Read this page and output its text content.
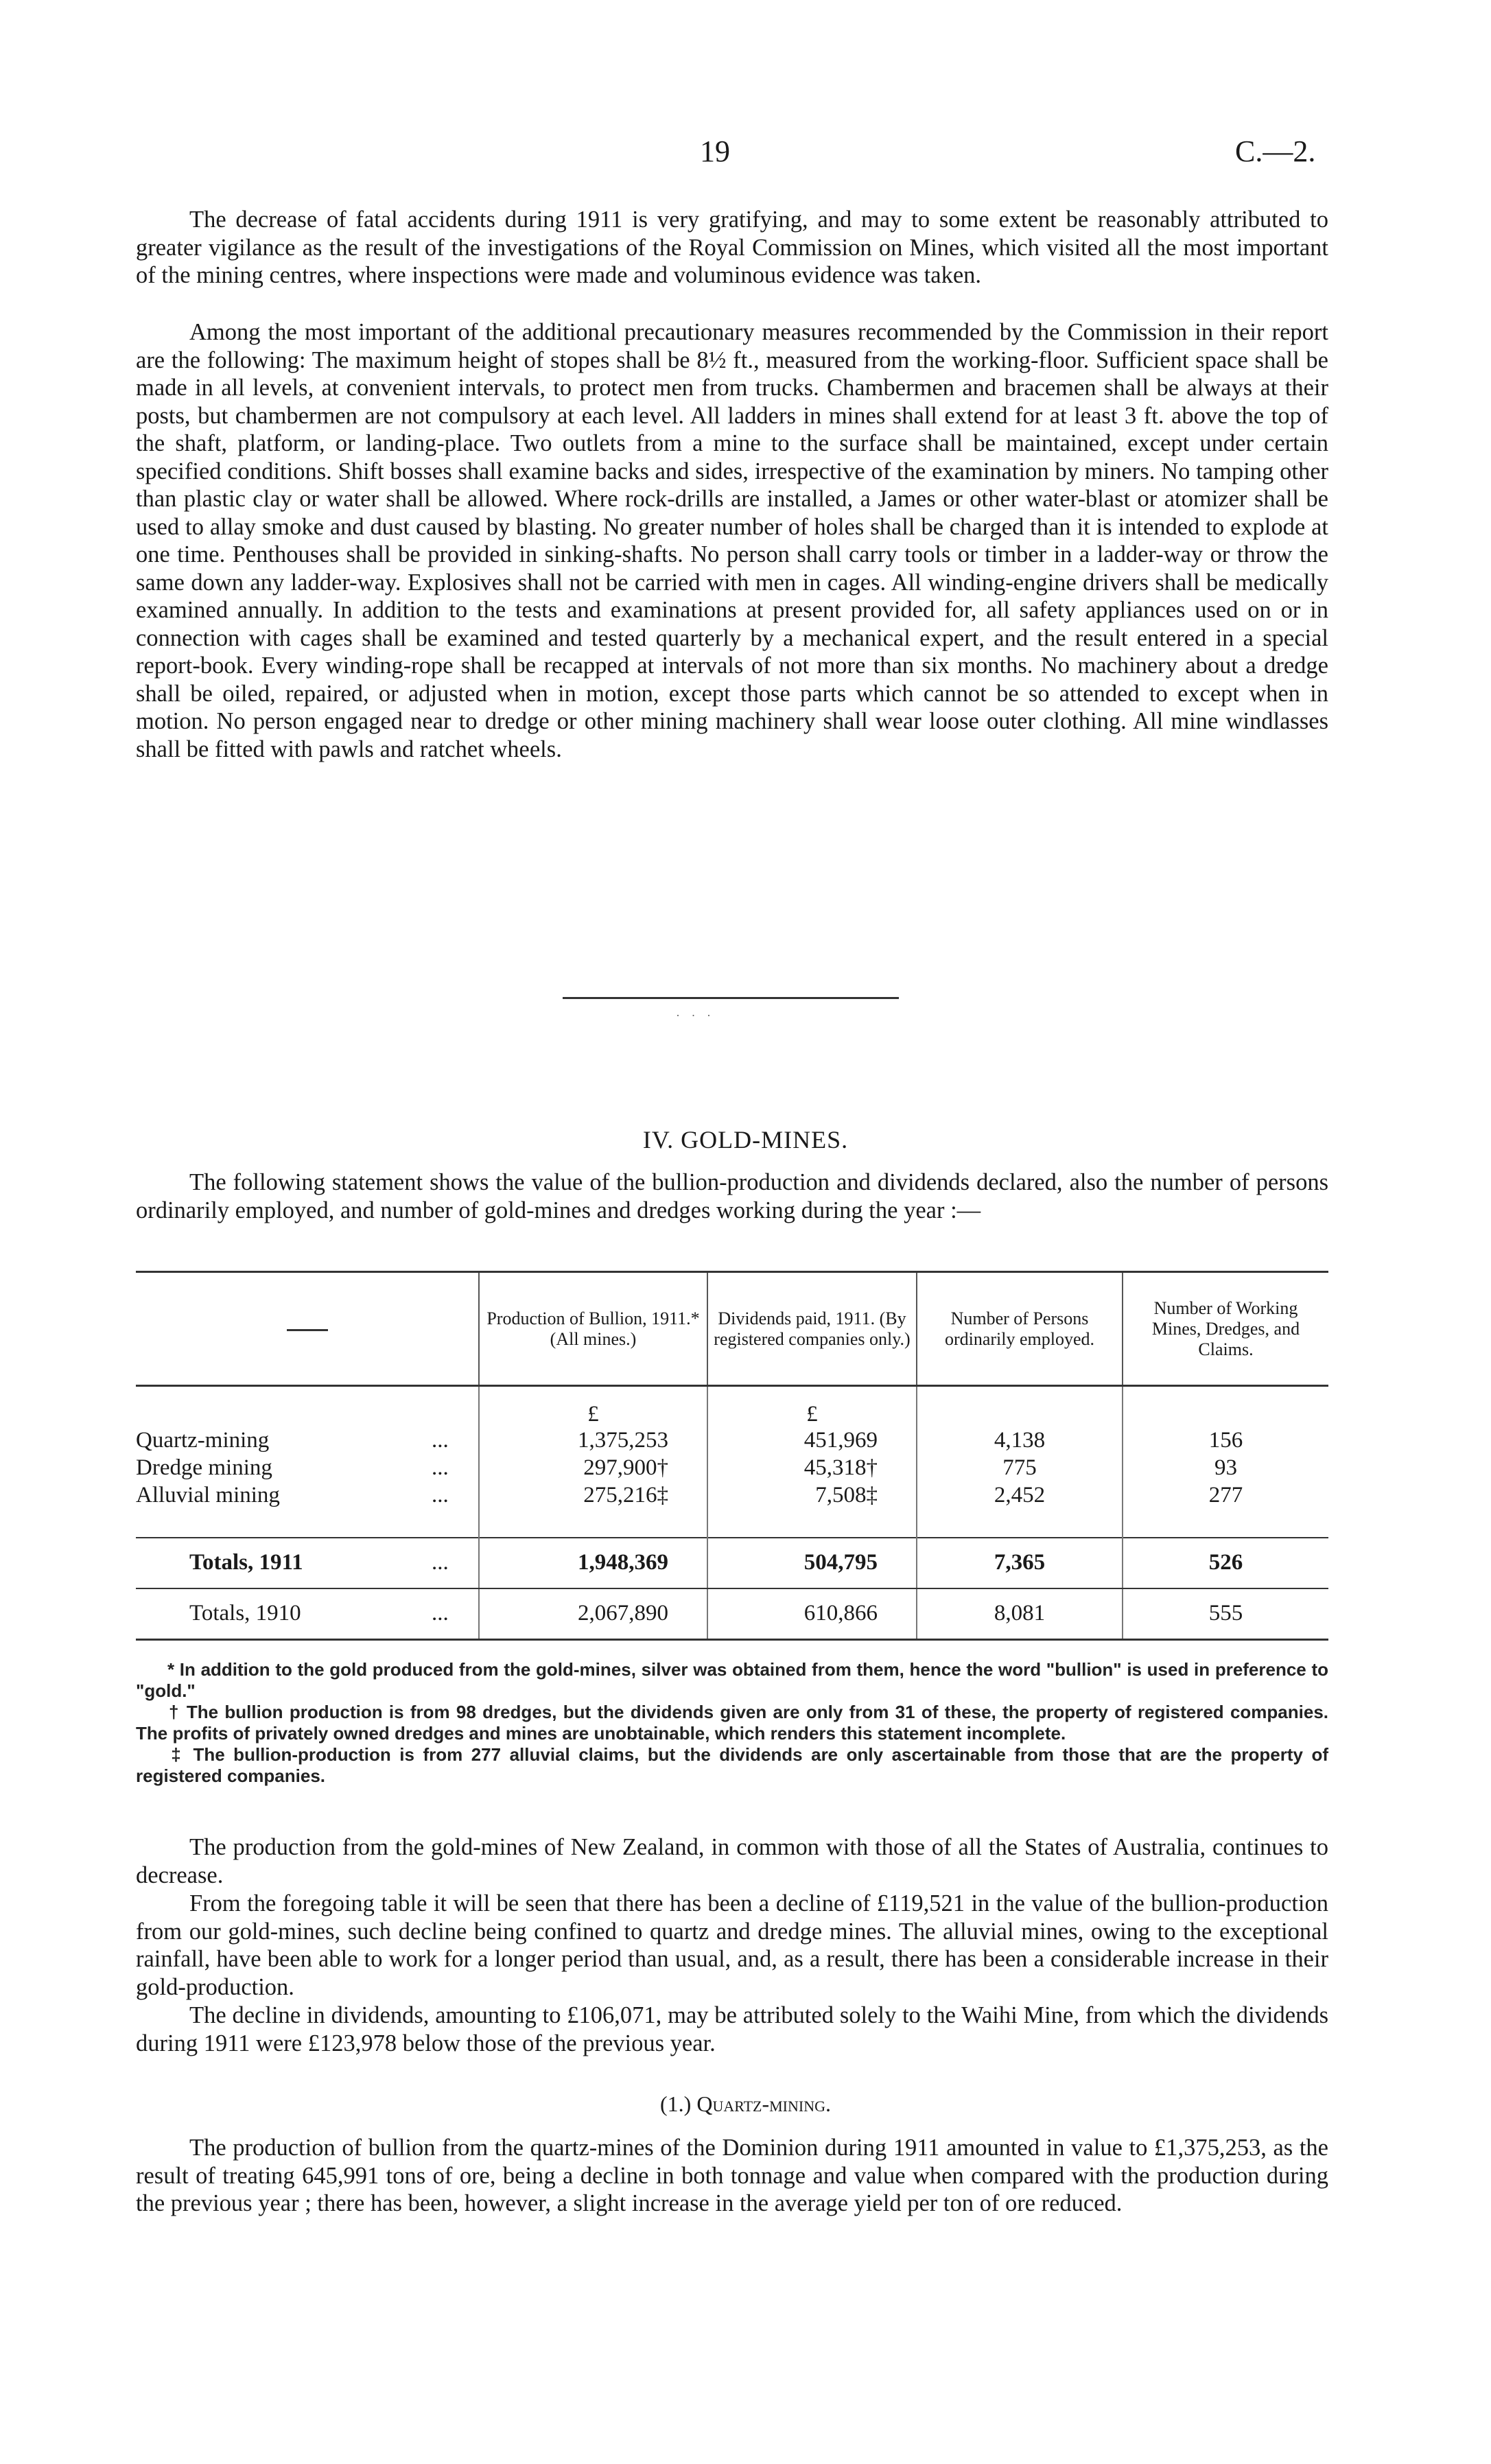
19	C.—2.

The decrease of fatal accidents during 1911 is very gratifying, and may to some extent be reasonably attributed to greater vigilance as the result of the investigations of the Royal Commission on Mines, which visited all the most important of the mining centres, where inspections were made and voluminous evidence was taken.

Among the most important of the additional precautionary measures recommended by the Commission in their report are the following: The maximum height of stopes shall be 8½ ft., measured from the working-floor. Sufficient space shall be made in all levels, at convenient intervals, to protect men from trucks. Chambermen and bracemen shall be always at their posts, but chambermen are not compulsory at each level. All ladders in mines shall extend for at least 3 ft. above the top of the shaft, platform, or landing-place. Two outlets from a mine to the surface shall be maintained, except under certain specified conditions. Shift bosses shall examine backs and sides, irrespective of the examination by miners. No tamping other than plastic clay or water shall be allowed. Where rock-drills are installed, a James or other water-blast or atomizer shall be used to allay smoke and dust caused by blasting. No greater number of holes shall be charged than it is intended to explode at one time. Penthouses shall be provided in sinking-shafts. No person shall carry tools or timber in a ladder-way or throw the same down any ladder-way. Explosives shall not be carried with men in cages. All winding-engine drivers shall be medically examined annually. In addition to the tests and examinations at present provided for, all safety appliances used on or in connection with cages shall be examined and tested quarterly by a mechanical expert, and the result entered in a special report-book. Every winding-rope shall be recapped at intervals of not more than six months. No machinery about a dredge shall be oiled, repaired, or adjusted when in motion, except those parts which cannot be so attended to except when in motion. No person engaged near to dredge or other mining machinery shall wear loose outer clothing. All mine windlasses shall be fitted with pawls and ratchet wheels.

· · ·
IV. GOLD-MINES.

The following statement shows the value of the bullion-production and dividends declared, also the number of persons ordinarily employed, and number of gold-mines and dredges working during the year :—

	Production of Bullion, 1911.* (All mines.)	Dividends paid, 1911. (By registered companies only.)	Number of Persons ordinarily employed.	Number of Working Mines, Dredges, and Claims.
	£	£		
Quartz-mining ...	1,375,253	451,969	4,138	156
Dredge mining ...	297,900†	45,318†	775	93
Alluvial mining ...	275,216‡	7,508‡	2,452	277

Totals, 1911 ...	1,948,369	504,795	7,365	526
Totals, 1910 ...	2,067,890	610,866	8,081	555

* In addition to the gold produced from the gold-mines, silver was obtained from them, hence the word "bullion" is used in preference to "gold."

† The bullion production is from 98 dredges, but the dividends given are only from 31 of these, the property of registered companies. The profits of privately owned dredges and mines are unobtainable, which renders this statement incomplete.

‡ The bullion-production is from 277 alluvial claims, but the dividends are only ascertainable from those that are the property of registered companies.

The production from the gold-mines of New Zealand, in common with those of all the States of Australia, continues to decrease.

From the foregoing table it will be seen that there has been a decline of £119,521 in the value of the bullion-production from our gold-mines, such decline being confined to quartz and dredge mines. The alluvial mines, owing to the exceptional rainfall, have been able to work for a longer period than usual, and, as a result, there has been a considerable increase in their gold-production.

The decline in dividends, amounting to £106,071, may be attributed solely to the Waihi Mine, from which the dividends during 1911 were £123,978 below those of the previous year.

(1.) Quartz-mining.

The production of bullion from the quartz-mines of the Dominion during 1911 amounted in value to £1,375,253, as the result of treating 645,991 tons of ore, being a decline in both tonnage and value when compared with the production during the previous year ; there has been, however, a slight increase in the average yield per ton of ore reduced.
